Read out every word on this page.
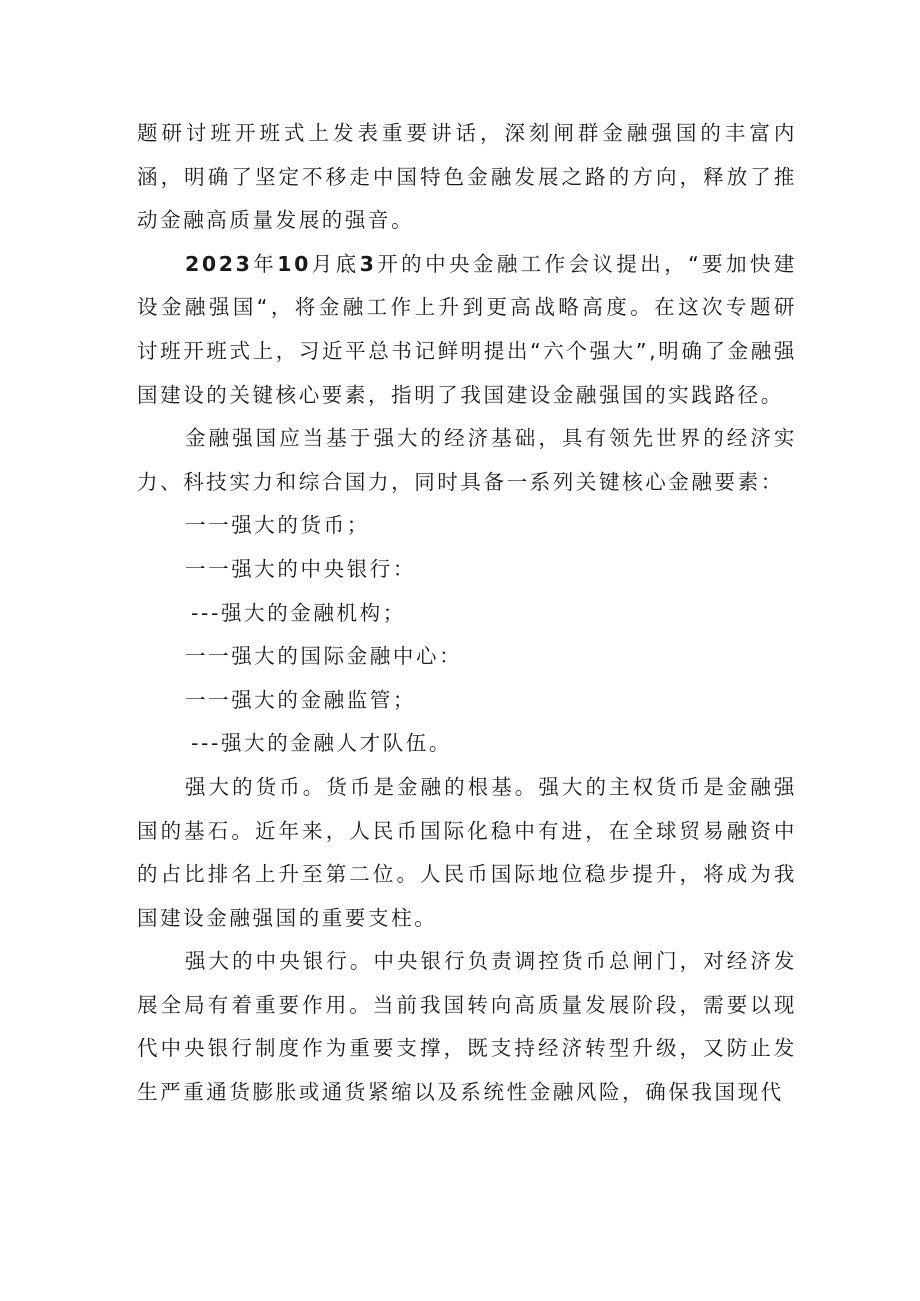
题研讨班开班式上发表重要讲话，深刻闸群金融强国的丰富内涵，明确了坚定不移走中国特色金融发展之路的方向，释放了推动金融高质量发展的强音。

2023年10月底3开的中央金融工作会议提出，“要加快建设金融强国“，将金融工作上升到更高战略高度。在这次专题研讨班开班式上，习近平总书记鲜明提出“六个强大”,明确了金融强国建设的关键核心要素，指明了我国建设金融强国的实践路径。

金融强国应当基于强大的经济基础，具有领先世界的经济实力、科技实力和综合国力，同时具备一系列关键核心金融要素：

一一强大的货币；

一一强大的中央银行：

---强大的金融机构；

一一强大的国际金融中心：

一一强大的金融监管；

---强大的金融人才队伍。

强大的货币。货币是金融的根基。强大的主权货币是金融强国的基石。近年来，人民币国际化稳中有进，在全球贸易融资中的占比排名上升至第二位。人民币国际地位稳步提升，将成为我国建设金融强国的重要支柱。

强大的中央银行。中央银行负责调控货币总闸门，对经济发展全局有着重要作用。当前我国转向高质量发展阶段，需要以现代中央银行制度作为重要支撑，既支持经济转型升级，又防止发生严重通货膨胀或通货紧缩以及系统性金融风险，确保我国现代
